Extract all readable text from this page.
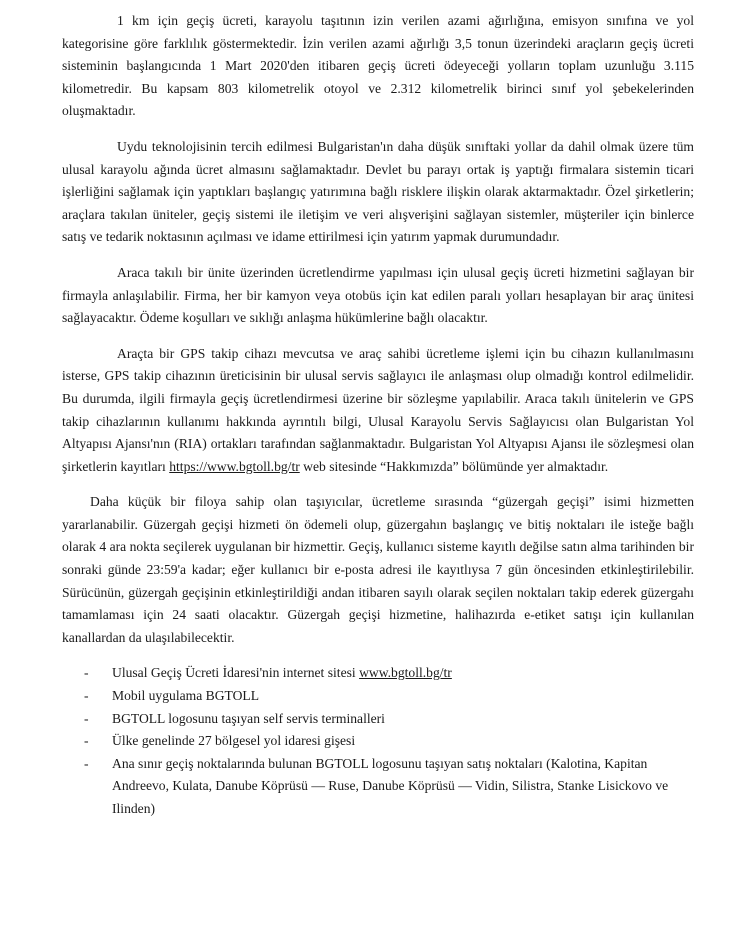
1 km için geçiş ücreti, karayolu taşıtının izin verilen azami ağırlığına, emisyon sınıfına ve yol kategorisine göre farklılık göstermektedir. İzin verilen azami ağırlığı 3,5 tonun üzerindeki araçların geçiş ücreti sisteminin başlangıcında 1 Mart 2020'den itibaren geçiş ücreti ödeyeceği yolların toplam uzunluğu 3.115 kilometredir. Bu kapsam 803 kilometrelik otoyol ve 2.312 kilometrelik birinci sınıf yol şebekelerinden oluşmaktadır.

Uydu teknolojisinin tercih edilmesi Bulgaristan'ın daha düşük sınıftaki yollar da dahil olmak üzere tüm ulusal karayolu ağında ücret almasını sağlamaktadır. Devlet bu parayı ortak iş yaptığı firmalara sistemin ticari işlerliğini sağlamak için yaptıkları başlangıç yatırımına bağlı risklere ilişkin olarak aktarmaktadır. Özel şirketlerin; araçlara takılan üniteler, geçiş sistemi ile iletişim ve veri alışverişini sağlayan sistemler, müşteriler için binlerce satış ve tedarik noktasının açılması ve idame ettirilmesi için yatırım yapmak durumundadır.

Araca takılı bir ünite üzerinden ücretlendirme yapılması için ulusal geçiş ücreti hizmetini sağlayan bir firmayla anlaşılabilir. Firma, her bir kamyon veya otobüs için kat edilen paralı yolları hesaplayan bir araç ünitesi sağlayacaktır. Ödeme koşulları ve sıklığı anlaşma hükümlerine bağlı olacaktır.

Araçta bir GPS takip cihazı mevcutsa ve araç sahibi ücretleme işlemi için bu cihazın kullanılmasını isterse, GPS takip cihazının üreticisinin bir ulusal servis sağlayıcı ile anlaşması olup olmadığı kontrol edilmelidir. Bu durumda, ilgili firmayla geçiş ücretlendirmesi üzerine bir sözleşme yapılabilir. Araca takılı ünitelerin ve GPS takip cihazlarının kullanımı hakkında ayrıntılı bilgi, Ulusal Karayolu Servis Sağlayıcısı olan Bulgaristan Yol Altyapısı Ajansı'nın (RIA) ortakları tarafından sağlanmaktadır. Bulgaristan Yol Altyapısı Ajansı ile sözleşmesi olan şirketlerin kayıtları https://www.bgtoll.bg/tr web sitesinde “Hakkımızda” bölümünde yer almaktadır.

Daha küçük bir filoya sahip olan taşıyıcılar, ücretleme sırasında “güzergah geçişi” isimi hizmetten yararlanabilir. Güzergah geçişi hizmeti ön ödemeli olup, güzergahın başlangıç ve bitiş noktaları ile isteğe bağlı olarak 4 ara nokta seçilerek uygulanan bir hizmettir. Geçiş, kullanıcı sisteme kayıtlı değilse satın alma tarihinden bir sonraki günde 23:59'a kadar; eğer kullanıcı bir e-posta adresi ile kayıtlıysa 7 gün öncesinden etkinleştirilebilir. Sürücünün, güzergah geçişinin etkinleştirildiği andan itibaren sayılı olarak seçilen noktaları takip ederek güzergahı tamamlaması için 24 saati olacaktır. Güzergah geçişi hizmetine, halihazırda e-etiket satışı için kullanılan kanallardan da ulaşılabilecektir.

- Ulusal Geçiş Ücreti İdaresi'nin internet sitesi www.bgtoll.bg/tr
- Mobil uygulama BGTOLL
- BGTOLL logosunu taşıyan self servis terminalleri
- Ülke genelinde 27 bölgesel yol idaresi gişesi
- Ana sınır geçiş noktalarında bulunan BGTOLL logosunu taşıyan satış noktaları (Kalotina, Kapitan Andreevo, Kulata, Danube Köprüsü — Ruse, Danube Köprüsü — Vidin, Silistra, Stanke Lisickovo ve Ilinden)
